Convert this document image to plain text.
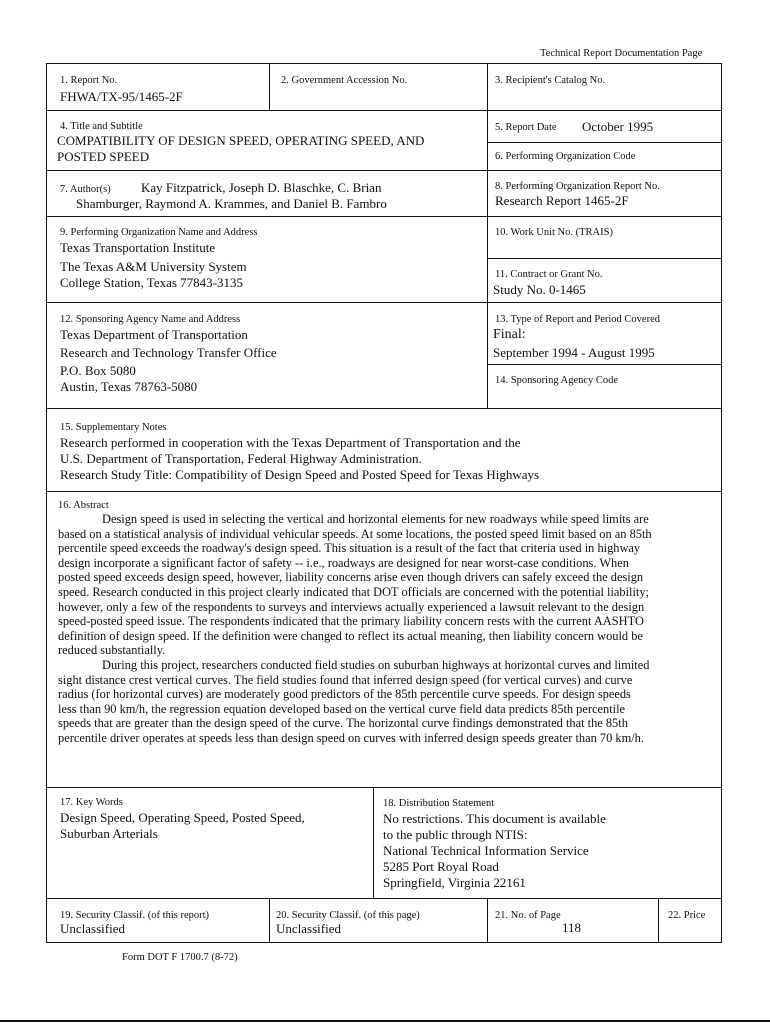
Technical Report Documentation Page
1. Report No.
FHWA/TX-95/1465-2F
2. Government Accession No.	3. Recipient's Catalog No.
4. Title and Subtitle
COMPATIBILITY OF DESIGN SPEED, OPERATING SPEED, AND
POSTED SPEED
5. Report Date October 1995
6. Performing Organization Code
7. Author(s) Kay Fitzpatrick, Joseph D. Blaschke, C. Brian
Shamburger, Raymond A. Krammes, and Daniel B. Fambro
8. Performing Organization Report No.
Research Report 1465-2F
9. Performing Organization Name and Address
Texas Transportation Institute
The Texas A&M University System
College Station, Texas 77843-3135
10. Work Unit No. (TRAIS)
11. Contract or Grant No.
Study No. 0-1465
12. Sponsoring Agency Name and Address
Texas Department of Transportation
Research and Technology Transfer Office
P.O. Box 5080
Austin, Texas 78763-5080
13. Type of Report and Period Covered
Final:
September 1994 - August 1995
14. Sponsoring Agency Code
15. Supplementary Notes
Research performed in cooperation with the Texas Department of Transportation and the
U.S. Department of Transportation, Federal Highway Administration.
Research Study Title: Compatibility of Design Speed and Posted Speed for Texas Highways
16. Abstract
Design speed is used in selecting the vertical and horizontal elements for new roadways while speed limits are
based on a statistical analysis of individual vehicular speeds. At some locations, the posted speed limit based on an 85th
percentile speed exceeds the roadway's design speed. This situation is a result of the fact that criteria used in highway
design incorporate a significant factor of safety -- i.e., roadways are designed for near worst-case conditions. When
posted speed exceeds design speed, however, liability concerns arise even though drivers can safely exceed the design
speed. Research conducted in this project clearly indicated that DOT officials are concerned with the potential liability;
however, only a few of the respondents to surveys and interviews actually experienced a lawsuit relevant to the design
speed-posted speed issue. The respondents indicated that the primary liability concern rests with the current AASHTO
definition of design speed. If the definition were changed to reflect its actual meaning, then liability concern would be
reduced substantially.
During this project, researchers conducted field studies on suburban highways at horizontal curves and limited
sight distance crest vertical curves. The field studies found that inferred design speed (for vertical curves) and curve
radius (for horizontal curves) are moderately good predictors of the 85th percentile curve speeds. For design speeds
less than 90 km/h, the regression equation developed based on the vertical curve field data predicts 85th percentile
speeds that are greater than the design speed of the curve. The horizontal curve findings demonstrated that the 85th
percentile driver operates at speeds less than design speed on curves with inferred design speeds greater than 70 km/h.
17. Key Words
Design Speed, Operating Speed, Posted Speed,
Suburban Arterials
18. Distribution Statement
No restrictions. This document is available
to the public through NTIS:
National Technical Information Service
5285 Port Royal Road
Springfield, Virginia 22161
19. Security Classif. (of this report)
Unclassified
20. Security Classif. (of this page)
Unclassified
21. No. of Page
118
22. Price
Form DOT F 1700.7 (8-72)
